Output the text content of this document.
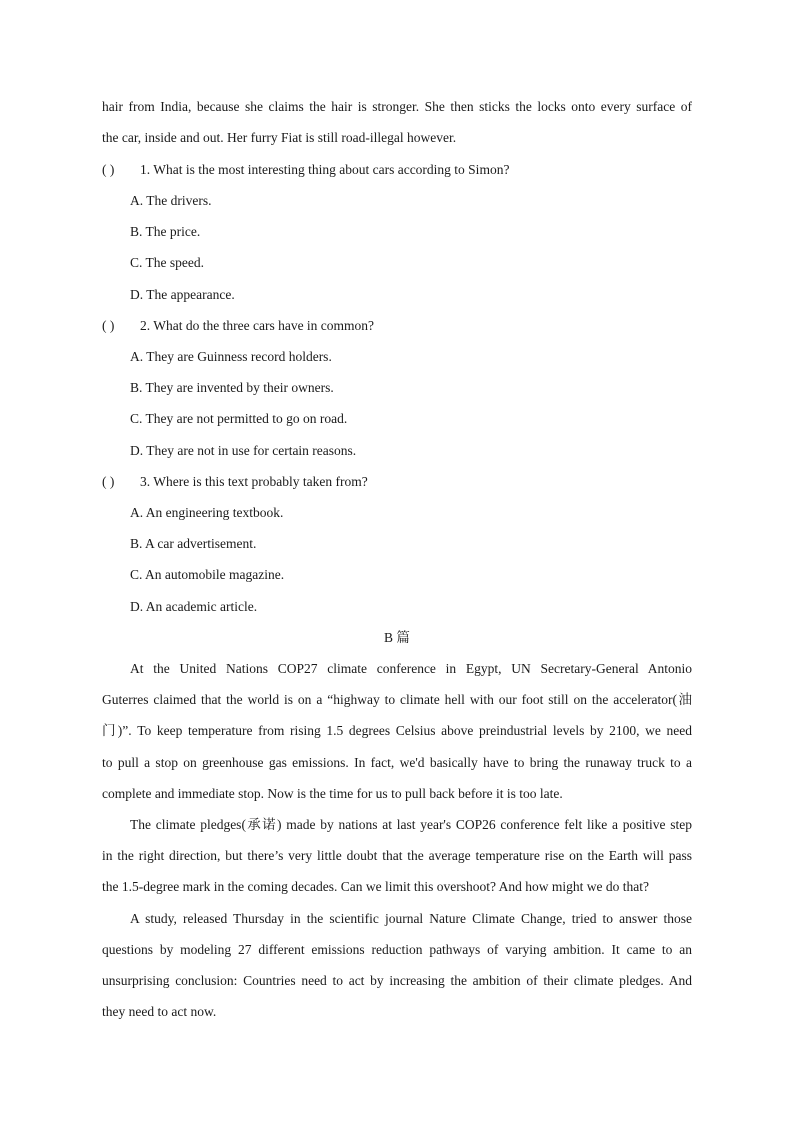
hair from India, because she claims the hair is stronger. She then sticks the locks onto every surface of
the car, inside and out. Her furry Fiat is still road-illegal however.
( ) 1. What is the most interesting thing about cars according to Simon?
A. The drivers.
B. The price.
C. The speed.
D. The appearance.
( ) 2. What do the three cars have in common?
A. They are Guinness record holders.
B. They are invented by their owners.
C. They are not permitted to go on road.
D. They are not in use for certain reasons.
( ) 3. Where is this text probably taken from?
A. An engineering textbook.
B. A car advertisement.
C. An automobile magazine.
D. An academic article.
B 篇
At the United Nations COP27 climate conference in Egypt, UN Secretary-General Antonio
Guterres claimed that the world is on a “highway to climate hell with our foot still on the accelerator(油
门)”. To keep temperature from rising 1.5 degrees Celsius above preindustrial levels by 2100, we need
to pull a stop on greenhouse gas emissions. In fact, we'd basically have to bring the runaway truck to a
complete and immediate stop. Now is the time for us to pull back before it is too late.
The climate pledges(承诺) made by nations at last year's COP26 conference felt like a positive step
in the right direction, but there’s very little doubt that the average temperature rise on the Earth will pass
the 1.5-degree mark in the coming decades. Can we limit this overshoot? And how might we do that?
A study, released Thursday in the scientific journal Nature Climate Change, tried to answer those
questions by modeling 27 different emissions reduction pathways of varying ambition. It came to an
unsurprising conclusion: Countries need to act by increasing the ambition of their climate pledges. And
they need to act now.
